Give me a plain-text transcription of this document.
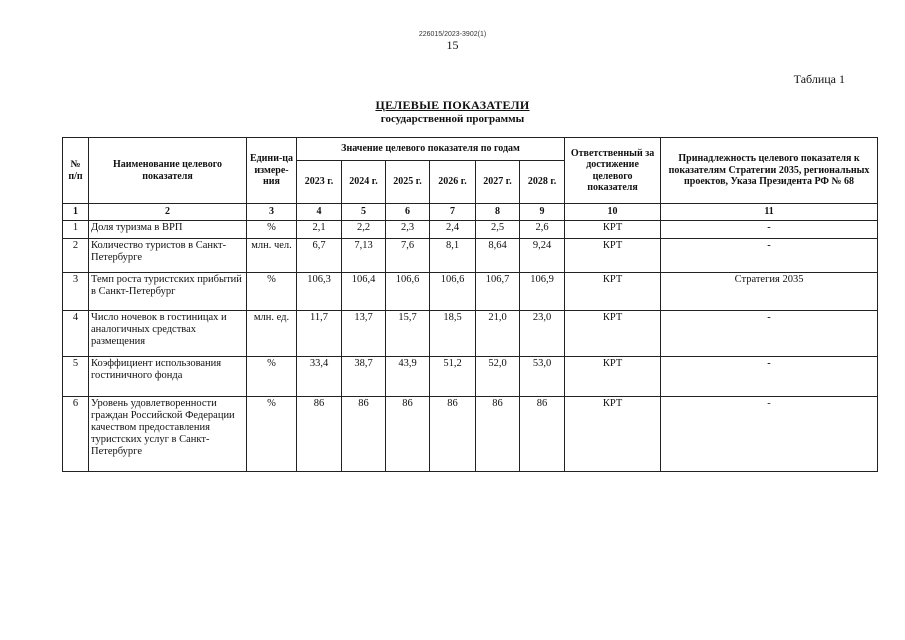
226015/2023-3902(1)
15
Таблица 1
ЦЕЛЕВЫЕ ПОКАЗАТЕЛИ
государственной программы
№ п/п	Наименование целевого показателя	Едини-ца измере-ния	Значение целевого показателя по годам						Ответственный за достижение целевого показателя	Принадлежность целевого показателя к показателям Стратегии 2035, региональных проектов, Указа Президента РФ № 68
			2023 г.	2024 г.	2025 г.	2026 г.	2027 г.	2028 г.		
1	2	3	4	5	6	7	8	9	10	11
1	Доля туризма в ВРП	%	2,1	2,2	2,3	2,4	2,5	2,6	КРТ	-
2	Количество туристов в Санкт-Петербурге	млн. чел.	6,7	7,13	7,6	8,1	8,64	9,24	КРТ	-
3	Темп роста туристских прибытий в Санкт-Петербург	%	106,3	106,4	106,6	106,6	106,7	106,9	КРТ	Стратегия 2035
4	Число ночевок в гостиницах и аналогичных средствах размещения	млн. ед.	11,7	13,7	15,7	18,5	21,0	23,0	КРТ	-
5	Коэффициент использования гостиничного фонда	%	33,4	38,7	43,9	51,2	52,0	53,0	КРТ	-
6	Уровень удовлетворенности граждан Российской Федерации качеством предоставления туристских услуг в Санкт-Петербурге	%	86	86	86	86	86	86	КРТ	-
